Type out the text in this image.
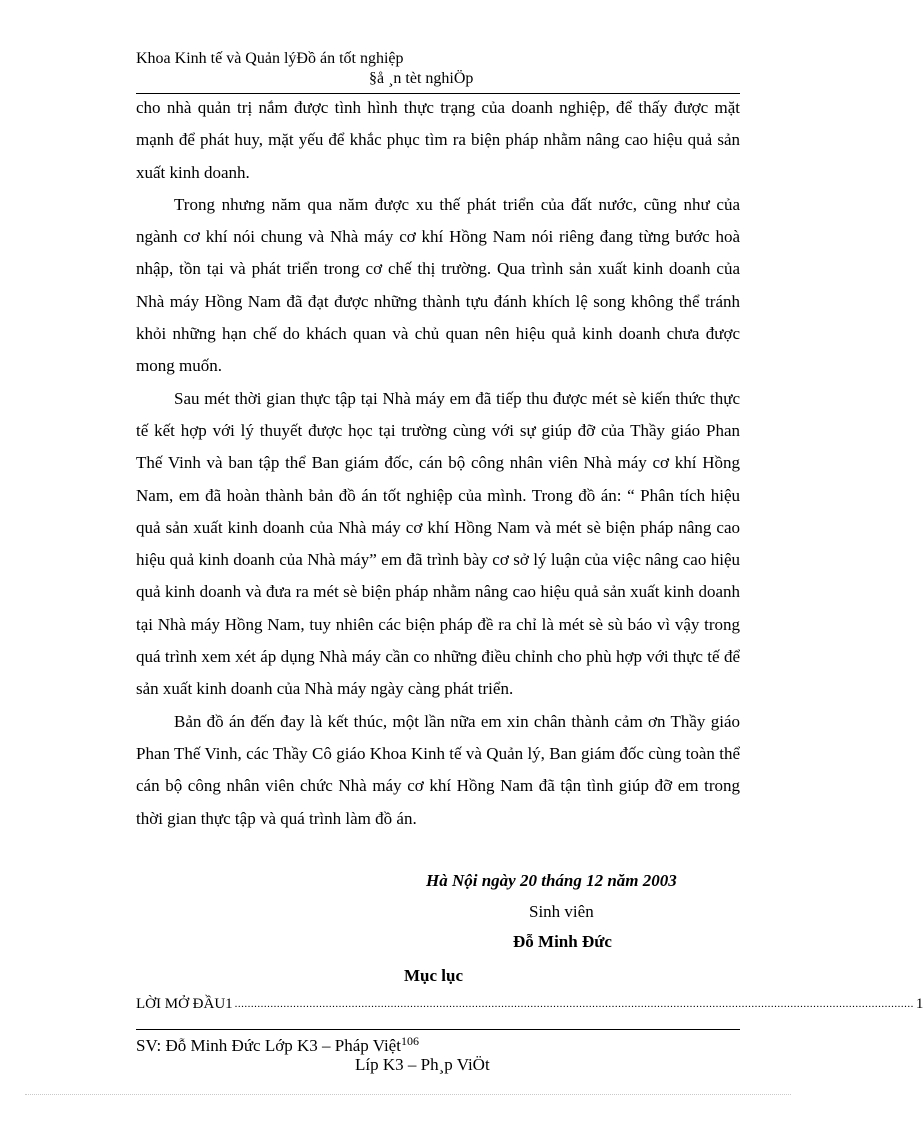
Khoa Kinh tế và Quản lýĐồ án tốt nghiệp
§å ¸n tèt nghiÖp

cho nhà quản trị nắm được tình hình thực trạng của doanh nghiệp, để thấy được mặt mạnh để phát huy, mặt yếu để khắc phục tìm ra biện pháp nhằm nâng cao hiệu quả sản xuất kinh doanh.

Trong nhưng năm qua năm được xu thế phát triển của đất nước, cũng như của ngành cơ khí nói chung và Nhà máy cơ khí Hồng Nam nói riêng đang từng bước hoà nhập, tồn tại và phát triển trong cơ chế thị trường. Qua trình sản xuất kinh doanh của Nhà máy Hồng Nam đã đạt được những thành tựu đánh khích lệ song không thể tránh khỏi những hạn chế do khách quan và chủ quan nên hiệu quả kinh doanh chưa được mong muốn.

Sau mét thời gian thực tập tại Nhà máy em đã tiếp thu được mét sè kiến thức thực tế kết hợp với lý thuyết được học tại trường cùng với sự giúp đỡ của Thầy giáo Phan Thế Vinh và ban tập thể Ban giám đốc, cán bộ công nhân viên Nhà máy cơ khí Hồng Nam, em đã hoàn thành bản đồ án tốt nghiệp của mình. Trong đồ án: “ Phân tích hiệu quả sản xuất kinh doanh của Nhà máy cơ khí Hồng Nam và mét sè biện pháp nâng cao hiệu quả kinh doanh của Nhà máy” em đã trình bày cơ sở lý luận của việc nâng cao hiệu quả kinh doanh và đưa ra mét sè biện pháp nhằm nâng cao hiệu quả sản xuất kinh doanh tại Nhà máy Hồng Nam, tuy nhiên các biện pháp đề ra chỉ là mét sè sù báo vì vậy trong quá trình xem xét áp dụng Nhà máy cần co những điều chỉnh cho phù hợp với thực tế để sản xuất kinh doanh của Nhà máy ngày càng phát triển.

Bản đồ án đến đay là kết thúc, một lần nữa em xin chân thành cảm ơn Thầy giáo Phan Thế Vinh, các Thầy Cô giáo Khoa Kinh tế và Quản lý, Ban giám đốc cùng toàn thể cán bộ công nhân viên chức Nhà máy cơ khí Hồng Nam đã tận tình giúp đỡ em trong thời gian thực tập và quá trình làm đồ án.

Hà Nội ngày 20 tháng 12 năm 2003
Sinh viên
Đỗ Minh Đức
Mục lục
LỜI MỞ ĐẦU1 ................................................................................................................................................................................................................. 1
SV: Đỗ Minh Đức Lớp K3 – Pháp Việt$^{106}$
Líp K3 – Ph¸p ViÖt
